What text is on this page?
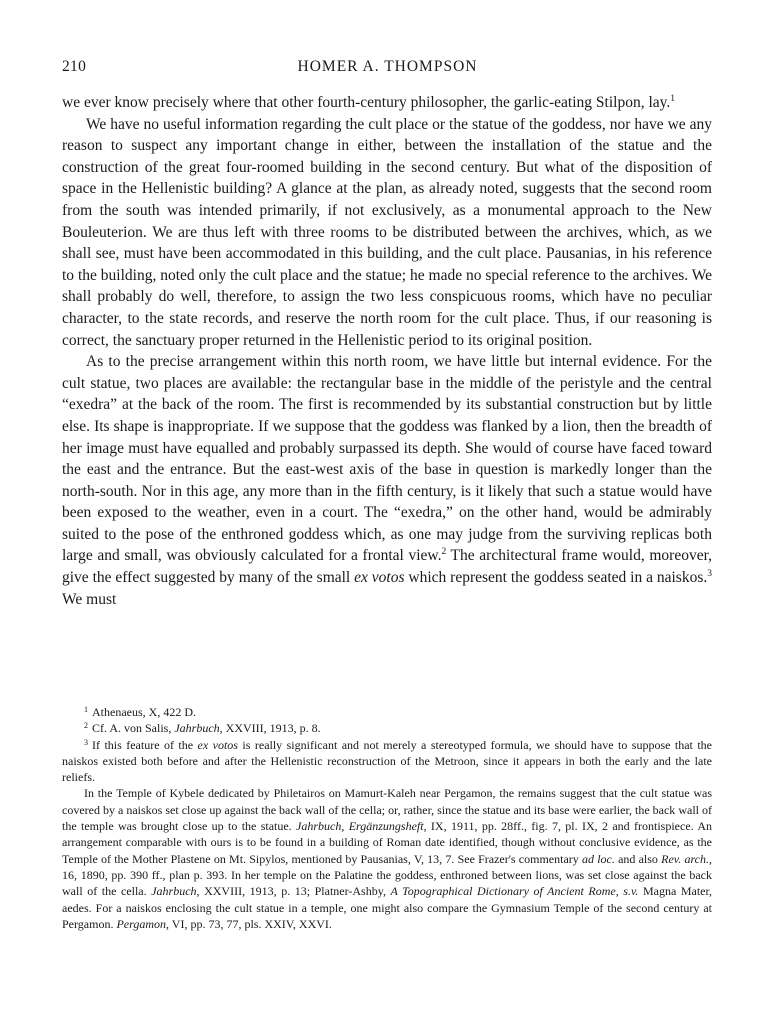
210	HOMER A. THOMPSON

we ever know precisely where that other fourth-century philosopher, the garlic-eating Stilpon, lay.$^1$

We have no useful information regarding the cult place or the statue of the goddess, nor have we any reason to suspect any important change in either, between the installation of the statue and the construction of the great four-roomed building in the second century. But what of the disposition of space in the Hellenistic building? A glance at the plan, as already noted, suggests that the second room from the south was intended primarily, if not exclusively, as a monumental approach to the New Bouleuterion. We are thus left with three rooms to be distributed between the archives, which, as we shall see, must have been accommodated in this building, and the cult place. Pausanias, in his reference to the building, noted only the cult place and the statue; he made no special reference to the archives. We shall probably do well, therefore, to assign the two less conspicuous rooms, which have no peculiar character, to the state records, and reserve the north room for the cult place. Thus, if our reasoning is correct, the sanctuary proper returned in the Hellenistic period to its original position.

As to the precise arrangement within this north room, we have little but internal evidence. For the cult statue, two places are available: the rectangular base in the middle of the peristyle and the central “exedra” at the back of the room. The first is recommended by its substantial construction but by little else. Its shape is inappropriate. If we suppose that the goddess was flanked by a lion, then the breadth of her image must have equalled and probably surpassed its depth. She would of course have faced toward the east and the entrance. But the east-west axis of the base in question is markedly longer than the north-south. Nor in this age, any more than in the fifth century, is it likely that such a statue would have been exposed to the weather, even in a court. The “exedra,” on the other hand, would be admirably suited to the pose of the enthroned goddess which, as one may judge from the surviving replicas both large and small, was obviously calculated for a frontal view.$^2$ The architectural frame would, moreover, give the effect suggested by many of the small ex votos which represent the goddess seated in a naiskos.$^3$ We must

$^1$ Athenaeus, X, 422 D.

$^2$ Cf. A. von Salis, Jahrbuch, XXVIII, 1913, p. 8.

$^3$ If this feature of the ex votos is really significant and not merely a stereotyped formula, we should have to suppose that the naiskos existed both before and after the Hellenistic reconstruction of the Metroon, since it appears in both the early and the late reliefs.

In the Temple of Kybele dedicated by Philetairos on Mamurt-Kaleh near Pergamon, the remains suggest that the cult statue was covered by a naiskos set close up against the back wall of the cella; or, rather, since the statue and its base were earlier, the back wall of the temple was brought close up to the statue. Jahrbuch, Ergänzungsheft, IX, 1911, pp. 28ff., fig. 7, pl. IX, 2 and frontispiece. An arrangement comparable with ours is to be found in a building of Roman date identified, though without conclusive evidence, as the Temple of the Mother Plastene on Mt. Sipylos, mentioned by Pausanias, V, 13, 7. See Frazer's commentary ad loc. and also Rev. arch., 16, 1890, pp. 390 ff., plan p. 393. In her temple on the Palatine the goddess, enthroned between lions, was set close against the back wall of the cella. Jahrbuch, XXVIII, 1913, p. 13; Platner-Ashby, A Topographical Dictionary of Ancient Rome, s.v. Magna Mater, aedes. For a naiskos enclosing the cult statue in a temple, one might also compare the Gymnasium Temple of the second century at Pergamon. Pergamon, VI, pp. 73, 77, pls. XXIV, XXVI.
